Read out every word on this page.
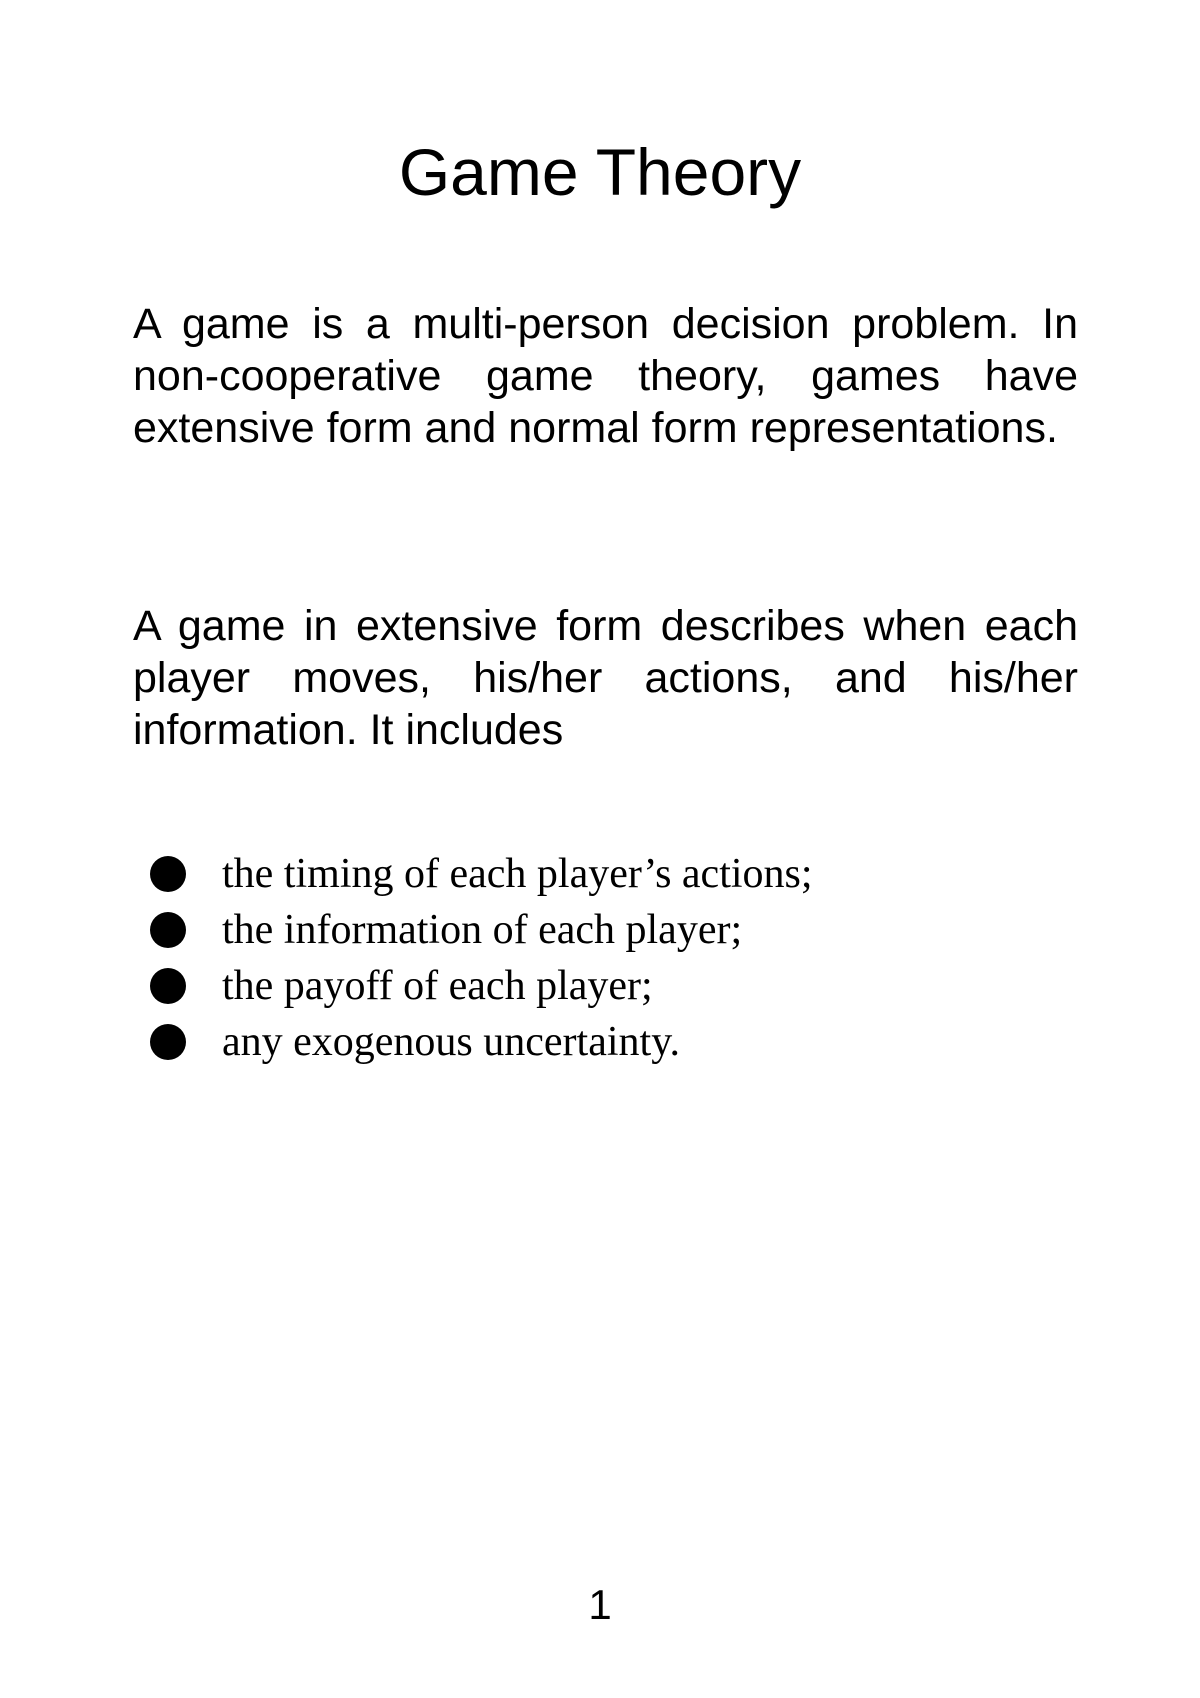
Game Theory

A game is a multi-person decision problem. In non-cooperative game theory, games have extensive form and normal form representations.

A game in extensive form describes when each player moves, his/her actions, and his/her information. It includes

the timing of each player’s actions;
the information of each player;
the payoff of each player;
any exogenous uncertainty.
1
